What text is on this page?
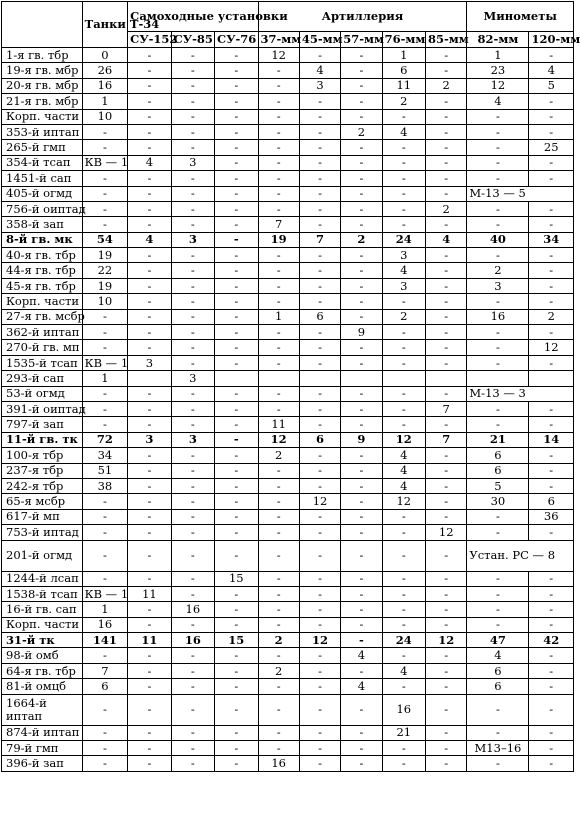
	Танки Т-34	Самоходные установки			Артиллерия					Минометы	
		СУ-152	СУ-85	СУ-76	37-мм	45-мм	57-мм	76-мм	85-мм	82-мм	120-мм
1-я гв. тбр	0	-	-	-	12	-	-	1	-	1	-
19-я гв. мбр	26	-	-	-	-	4	-	6	-	23	4
20-я гв. мбр	16	-	-	-	-	3	-	11	2	12	5
21-я гв. мбр	1	-	-	-	-	-	-	2	-	4	-
Корп. части	10	-	-	-	-	-	-	-	-	-	-
353-й иптап	-	-	-	-	-	-	2	4	-	-	-
265-й гмп	-	-	-	-	-	-	-	-	-	-	25
354-й тсап	КВ — 1	4	3	-	-	-	-	-	-	-	-
1451-й сап	-	-	-	-	-	-	-	-	-	-	-
405-й огмд	-	-	-	-	-	-	-	-	-	М-13 — 5	
756-й оиптад	-	-	-	-	-	-	-	-	2	-	-
358-й зап	-	-	-	-	7	-	-	-	-	-	-
8-й гв. мк	54	4	3	-	19	7	2	24	4	40	34
40-я гв. тбр	19	-	-	-	-	-	-	3	-	-	-
44-я гв. тбр	22	-	-	-	-	-	-	4	-	2	-
45-я гв. тбр	19	-	-	-	-	-	-	3	-	3	-
Корп. части	10	-	-	-	-	-	-	-	-	-	-
27-я гв. мсбр	-	-	-	-	1	6	-	2	-	16	2
362-й иптап	-	-	-	-	-	-	9	-	-	-	-
270-й гв. мп	-	-	-	-	-	-	-	-	-	-	12
1535-й тсап	КВ — 1	3	-	-	-	-	-	-	-	-	-
293-й сап	1		3								
53-й огмд	-	-	-	-	-	-	-	-	-	М-13 — 3	
391-й оиптад	-	-	-	-	-	-	-	-	7	-	-
797-й зап	-	-	-	-	11	-	-	-	-	-	-
11-й гв. тк	72	3	3	-	12	6	9	12	7	21	14
100-я тбр	34	-	-	-	2	-	-	4	-	6	-
237-я тбр	51	-	-	-	-	-	-	4	-	6	-
242-я тбр	38	-	-	-	-	-	-	4	-	5	-
65-я мсбр	-	-	-	-	-	12	-	12	-	30	6
617-й мп	-	-	-	-	-	-	-	-	-	-	36
753-й иптад	-	-	-	-	-	-	-	-	12	-	-
201-й огмд	-	-	-	-	-	-	-	-	-	Устан. РС — 8	
1244-й лсап	-	-	-	15	-	-	-	-	-	-	-
1538-й тсап	КВ — 1	11	-	-	-	-	-	-	-	-	-
16-й гв. сап	1	-	16	-	-	-	-	-	-	-	-
Корп. части	16	-	-	-	-	-	-	-	-	-	-
31-й тк	141	11	16	15	2	12	-	24	12	47	42
98-й омб	-	-	-	-	-	-	4	-	-	4	-
64-я гв. тбр	7	-	-	-	2	-	-	4	-	6	-
81-й омцб	6	-	-	-	-	-	4	-	-	6	-
1664-й иптап	-	-	-	-	-	-	-	16	-	-	-
874-й иптап	-	-	-	-	-	-	-	21	-	-	-
79-й гмп	-	-	-	-	-	-	-	-	-	М13–16	-
396-й зап	-	-	-	-	16	-	-	-	-	-	-
